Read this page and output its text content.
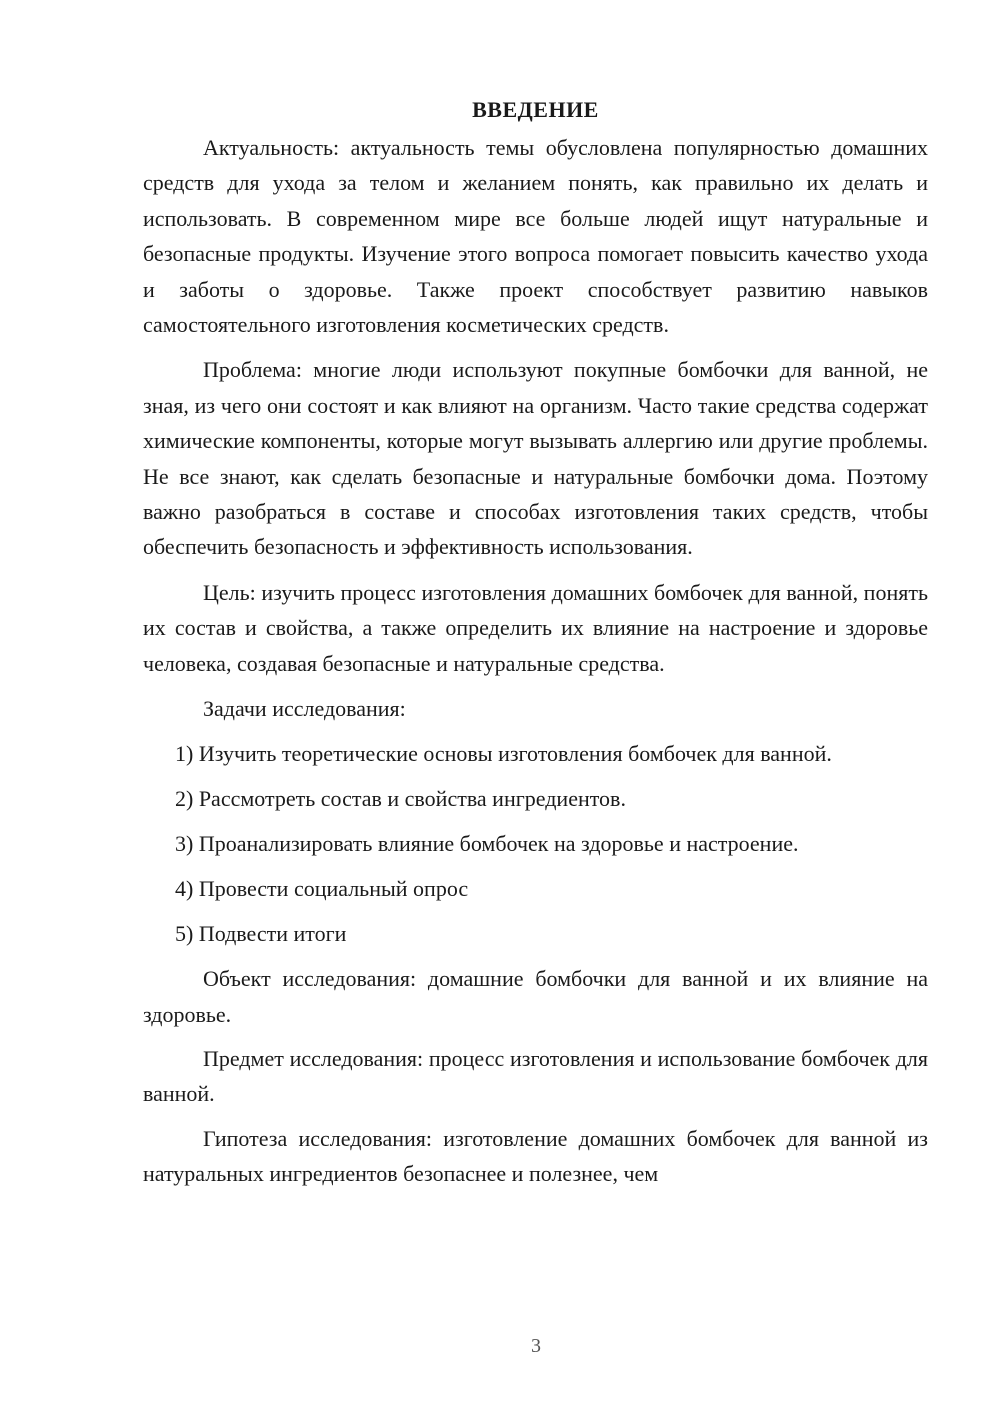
ВВЕДЕНИЕ

Актуальность: актуальность темы обусловлена популярностью домашних средств для ухода за телом и желанием понять, как правильно их делать и использовать. В современном мире все больше людей ищут натуральные и безопасные продукты. Изучение этого вопроса помогает повысить качество ухода и заботы о здоровье. Также проект способствует развитию навыков самостоятельного изготовления косметических средств.

Проблема: многие люди используют покупные бомбочки для ванной, не зная, из чего они состоят и как влияют на организм. Часто такие средства содержат химические компоненты, которые могут вызывать аллергию или другие проблемы. Не все знают, как сделать безопасные и натуральные бомбочки дома. Поэтому важно разобраться в составе и способах изготовления таких средств, чтобы обеспечить безопасность и эффективность использования.

Цель: изучить процесс изготовления домашних бомбочек для ванной, понять их состав и свойства, а также определить их влияние на настроение и здоровье человека, создавая безопасные и натуральные средства.

Задачи исследования:

1) Изучить теоретические основы изготовления бомбочек для ванной.
2) Рассмотреть состав и свойства ингредиентов.
3) Проанализировать влияние бомбочек на здоровье и настроение.
4) Провести социальный опрос
5) Подвести итоги

Объект исследования: домашние бомбочки для ванной и их влияние на здоровье.

Предмет исследования: процесс изготовления и использование бомбочек для ванной.

Гипотеза исследования: изготовление домашних бомбочек для ванной из натуральных ингредиентов безопаснее и полезнее, чем

3
